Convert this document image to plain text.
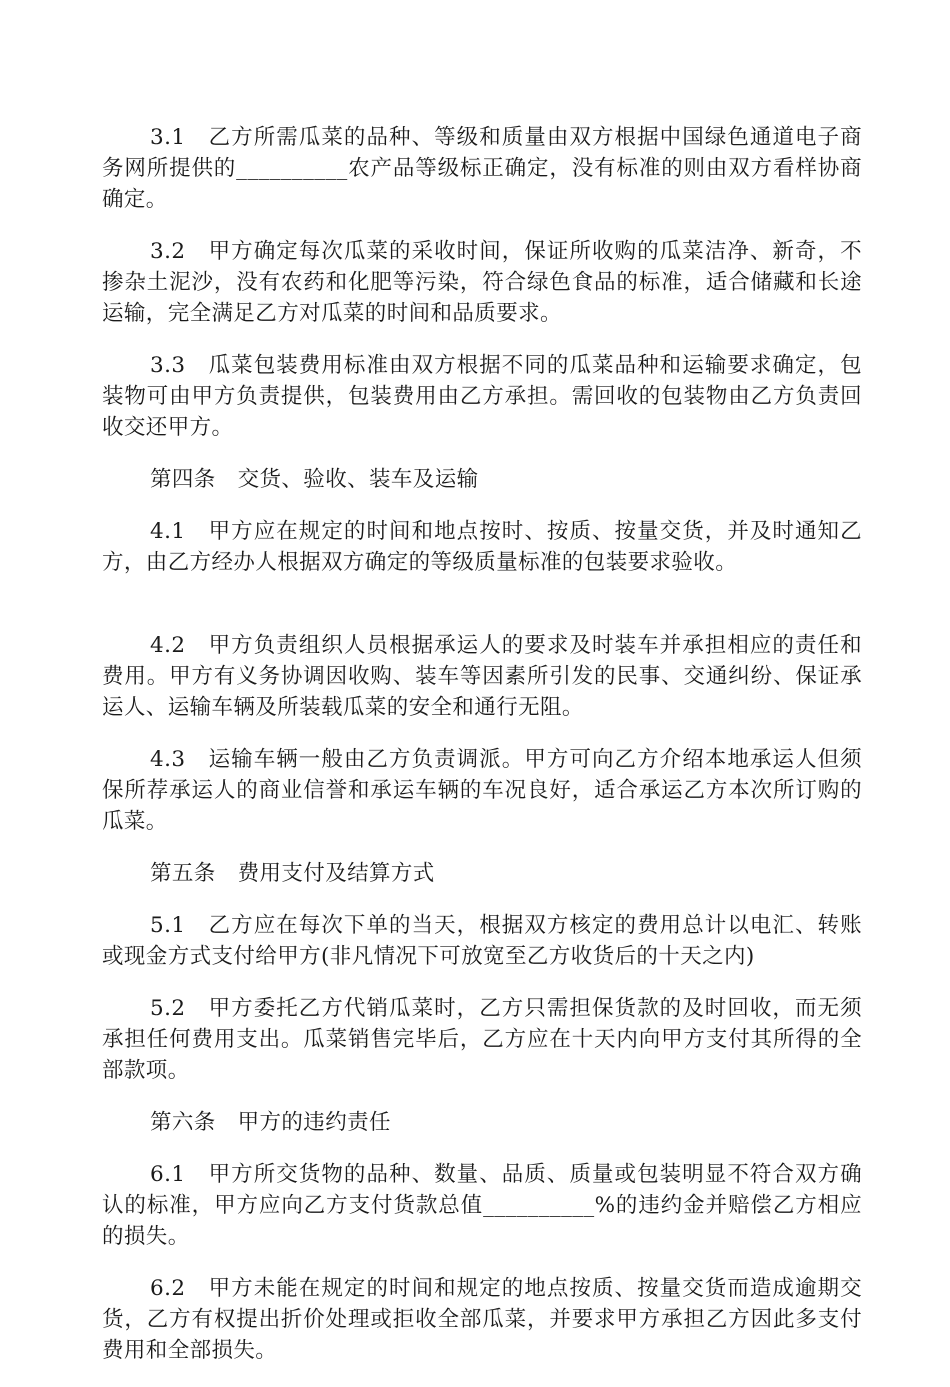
3.1　乙方所需瓜菜的品种、等级和质量由双方根据中国绿色通道电子商务网所提供的__________农产品等级标正确定，没有标准的则由双方看样协商确定。

3.2　甲方确定每次瓜菜的采收时间，保证所收购的瓜菜洁净、新奇，不掺杂土泥沙，没有农药和化肥等污染，符合绿色食品的标准，适合储藏和长途运输，完全满足乙方对瓜菜的时间和品质要求。

3.3　瓜菜包装费用标准由双方根据不同的瓜菜品种和运输要求确定，包装物可由甲方负责提供，包装费用由乙方承担。需回收的包装物由乙方负责回收交还甲方。

第四条　交货、验收、装车及运输

4.1　甲方应在规定的时间和地点按时、按质、按量交货，并及时通知乙方，由乙方经办人根据双方确定的等级质量标准的包装要求验收。

4.2　甲方负责组织人员根据承运人的要求及时装车并承担相应的责任和费用。甲方有义务协调因收购、装车等因素所引发的民事、交通纠纷、保证承运人、运输车辆及所装载瓜菜的安全和通行无阻。

4.3　运输车辆一般由乙方负责调派。甲方可向乙方介绍本地承运人但须保所荐承运人的商业信誉和承运车辆的车况良好，适合承运乙方本次所订购的瓜菜。

第五条　费用支付及结算方式

5.1　乙方应在每次下单的当天，根据双方核定的费用总计以电汇、转账或现金方式支付给甲方(非凡情况下可放宽至乙方收货后的十天之内)

5.2　甲方委托乙方代销瓜菜时，乙方只需担保货款的及时回收，而无须承担任何费用支出。瓜菜销售完毕后，乙方应在十天内向甲方支付其所得的全部款项。

第六条　甲方的违约责任

6.1　甲方所交货物的品种、数量、品质、质量或包装明显不符合双方确认的标准，甲方应向乙方支付货款总值__________%的违约金并赔偿乙方相应的损失。

6.2　甲方未能在规定的时间和规定的地点按质、按量交货而造成逾期交货，乙方有权提出折价处理或拒收全部瓜菜，并要求甲方承担乙方因此多支付费用和全部损失。
